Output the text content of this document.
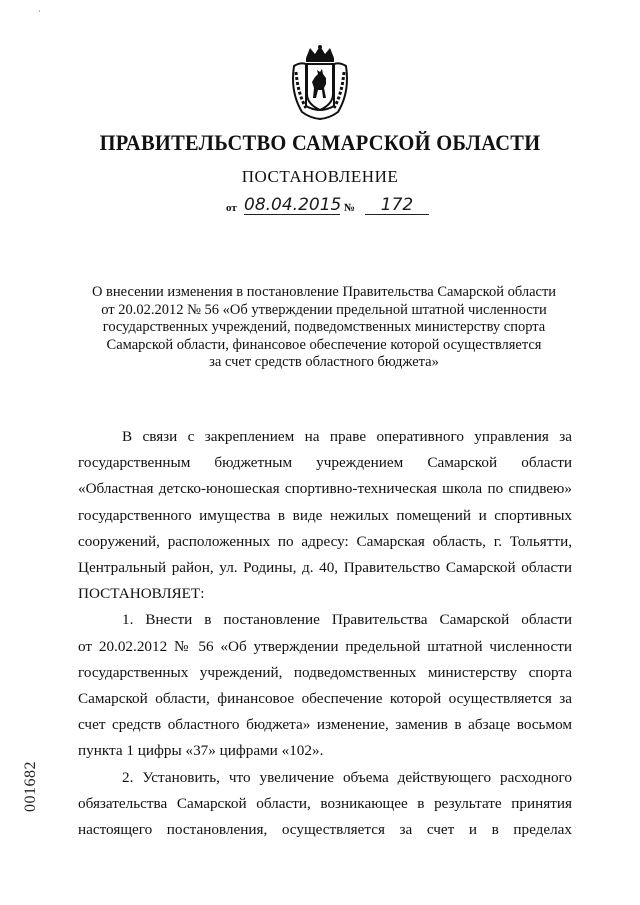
·
ПРАВИТЕЛЬСТВО САМАРСКОЙ ОБЛАСТИ
ПОСТАНОВЛЕНИЕ
от 08.04.2015 №	172
О внесении изменения в постановление Правительства Самарской области
от 20.02.2012 № 56 «Об утверждении предельной штатной численности
государственных учреждений, подведомственных министерству спорта
Самарской области, финансовое обеспечение которой осуществляется
за счет средств областного бюджета»

В связи с закреплением на праве оперативного управления за
государственным бюджетным учреждением Самарской области
«Областная детско-юношеская спортивно-техническая школа по спидвею»
государственного имущества в виде нежилых помещений и спортивных
сооружений, расположенных по адресу: Самарская область, г. Тольятти,
Центральный район, ул. Родины, д. 40, Правительство Самарской области
ПОСТАНОВЛЯЕТ:

1. Внести в постановление Правительства Самарской области
от 20.02.2012 № 56 «Об утверждении предельной штатной численности
государственных учреждений, подведомственных министерству спорта
Самарской области, финансовое обеспечение которой осуществляется за
счет средств областного бюджета» изменение, заменив в абзаце восьмом
пункта 1 цифры «37» цифрами «102».

2. Установить, что увеличение объема действующего расходного
обязательства Самарской области, возникающее в результате принятия
настоящего постановления, осуществляется за счет и в пределах

001682
